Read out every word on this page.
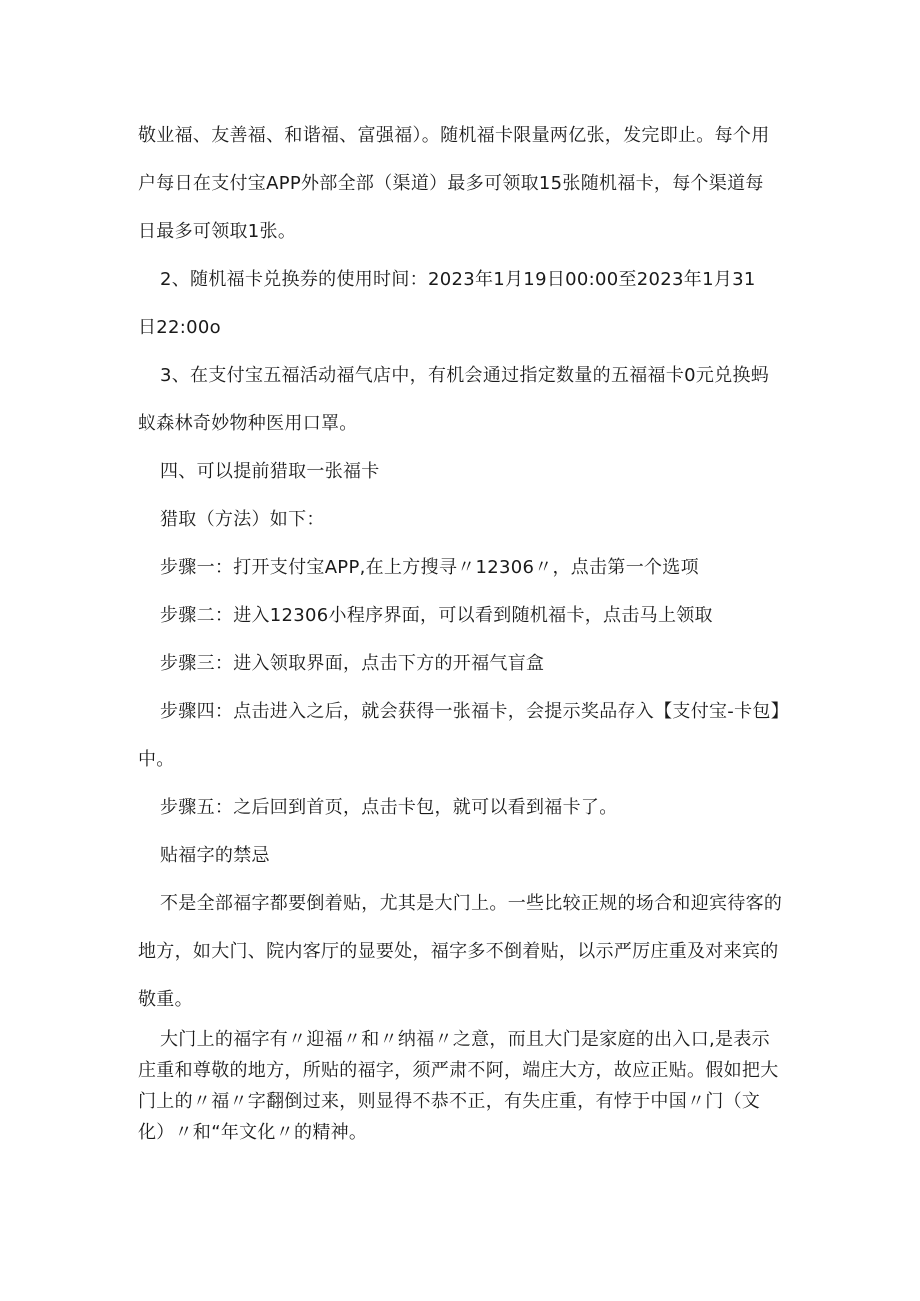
敬业福、友善福、和谐福、富强福）。随机福卡限量两亿张，发完即止。每个用
户每日在支付宝APP外部全部（渠道）最多可领取15张随机福卡，每个渠道每
日最多可领取1张。
2、随机福卡兑换券的使用时间：2023年1月19日00:00至2023年1月31
日22:00o
3、在支付宝五福活动福气店中，有机会通过指定数量的五福福卡0元兑换蚂
蚁森林奇妙物种医用口罩。
四、可以提前猎取一张福卡
猎取（方法）如下：
步骤一：打开支付宝APP,在上方搜寻〃12306〃，点击第一个选项
步骤二：进入12306小程序界面，可以看到随机福卡，点击马上领取
步骤三：进入领取界面，点击下方的开福气盲盒
步骤四：点击进入之后，就会获得一张福卡，会提示奖品存入【支付宝-卡包】
中。
步骤五：之后回到首页，点击卡包，就可以看到福卡了。
贴福字的禁忌
不是全部福字都要倒着贴，尤其是大门上。一些比较正规的场合和迎宾待客的
地方，如大门、院内客厅的显要处，福字多不倒着贴，以示严厉庄重及对来宾的
敬重。
大门上的福字有〃迎福〃和〃纳福〃之意，而且大门是家庭的出入口,是表示
庄重和尊敬的地方，所贴的福字，须严肃不阿，端庄大方，故应正贴。假如把大
门上的〃福〃字翻倒过来，则显得不恭不正，有失庄重，有悖于中国〃门（文
化）〃和“年文化〃的精神。
